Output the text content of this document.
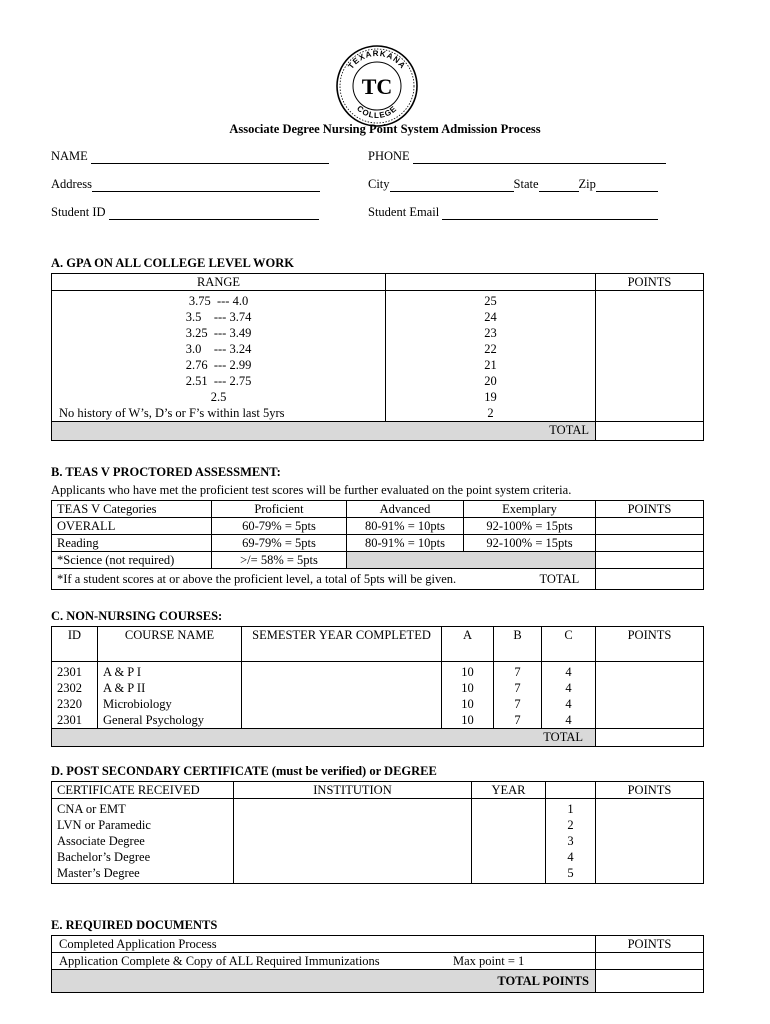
TEXARKANA
COLLEGE
TC
Associate Degree Nursing Point System Admission Process
NAME	PHONE
Address	City	State	Zip
Student ID	Student Email
A. GPA ON ALL COLLEGE LEVEL WORK
RANGE		POINTS
3.75 --- 4.0	25	
3.5 --- 3.74	24	
3.25 --- 3.49	23	
3.0 --- 3.24	22	
2.76 --- 2.99	21	
2.51 --- 2.75	20	
2.5	19	
No history of W’s, D’s or F’s within last 5yrs	2	
TOTAL		
B. TEAS V PROCTORED ASSESSMENT:
Applicants who have met the proficient test scores will be further evaluated on the point system criteria.
TEAS V Categories	Proficient	Advanced	Exemplary	POINTS
OVERALL	60-79% = 5pts	80-91% = 10pts	92-100% = 15pts	
Reading	69-79% = 5pts	80-91% = 10pts	92-100% = 15pts	
*Science (not required)	>/= 58% = 5pts			
*If a student scores at or above the proficient level, a total of 5pts will be given. TOTAL				

C. NON-NURSING COURSES:
ID	COURSE NAME	SEMESTER YEAR COMPLETED	A	B	C	POINTS
2301	A & P I		10	7	4	
2302	A & P II		10	7	4	
2320	Microbiology		10	7	4	
2301	General Psychology		10	7	4	
TOTAL						
D. POST SECONDARY CERTIFICATE (must be verified) or DEGREE
CERTIFICATE RECEIVED	INSTITUTION	YEAR		POINTS
CNA or EMT			1	
LVN or Paramedic			2	
Associate Degree			3	
Bachelor’s Degree			4	
Master’s Degree			5	
E. REQUIRED DOCUMENTS
Completed Application Process	POINTS
Application Complete & Copy of ALL Required Immunizations Max point = 1	

TOTAL POINTS	
